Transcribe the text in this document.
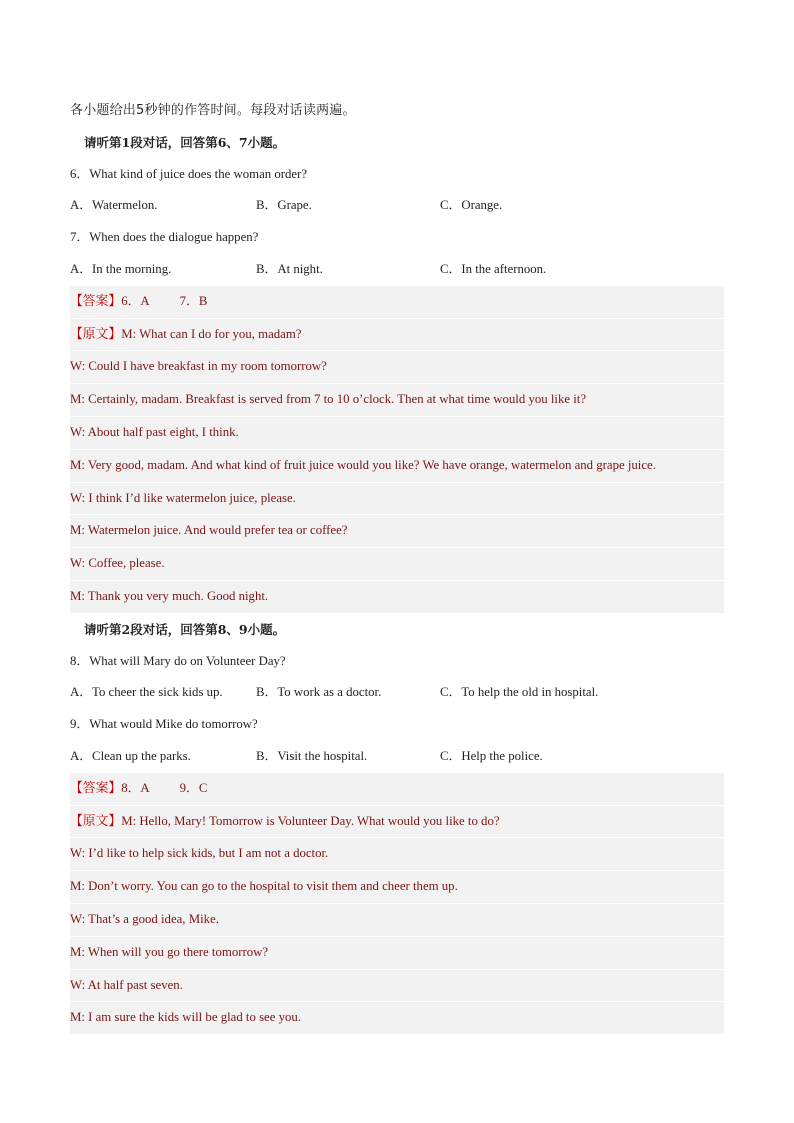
各小题给出5秒钟的作答时间。每段对话读两遍。
请听第1段对话，回答第6、7小题。
6．What kind of juice does the woman order?
A．Watermelon.	B．Grape.	C．Orange.
7．When does the dialogue happen?
A．In the morning.	B．At night.	C．In the afternoon.
【答案】6．A 7．B
【原文】M: What can I do for you, madam?
W: Could I have breakfast in my room tomorrow?
M: Certainly, madam. Breakfast is served from 7 to 10 o’clock. Then at what time would you like it?
W: About half past eight, I think.
M: Very good, madam. And what kind of fruit juice would you like? We have orange, watermelon and grape juice.
W: I think I’d like watermelon juice, please.
M: Watermelon juice. And would prefer tea or coffee?
W: Coffee, please.
M: Thank you very much. Good night.
请听第2段对话，回答第8、9小题。
8．What will Mary do on Volunteer Day?
A．To cheer the sick kids up.	B．To work as a doctor.	C．To help the old in hospital.
9．What would Mike do tomorrow?
A．Clean up the parks.	B．Visit the hospital.	C．Help the police.
【答案】8．A 9．C
【原文】M: Hello, Mary! Tomorrow is Volunteer Day. What would you like to do?
W: I’d like to help sick kids, but I am not a doctor.
M: Don’t worry. You can go to the hospital to visit them and cheer them up.
W: That’s a good idea, Mike.
M: When will you go there tomorrow?
W: At half past seven.
M: I am sure the kids will be glad to see you.
